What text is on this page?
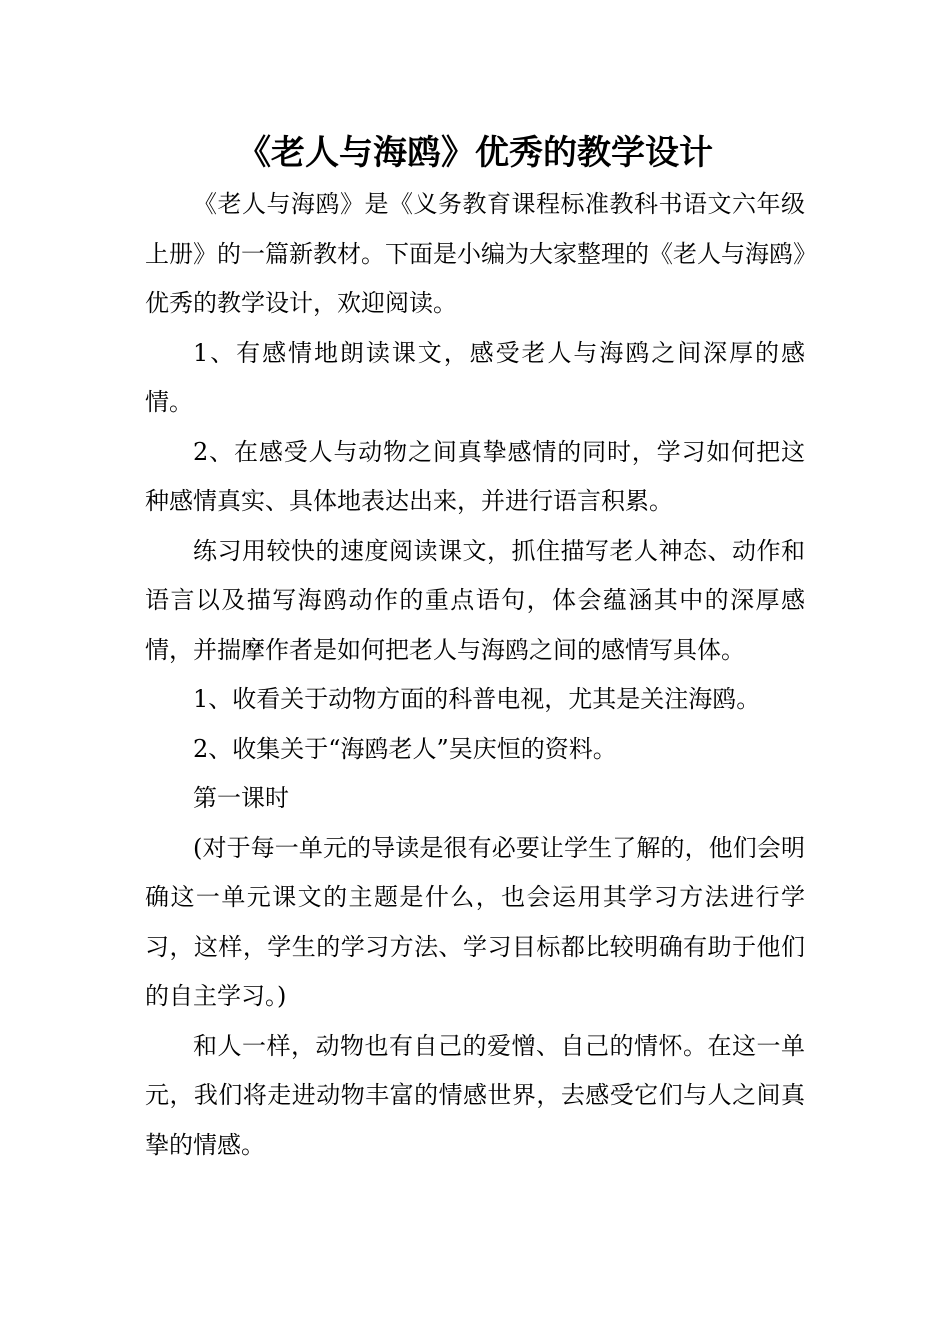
《老人与海鸥》优秀的教学设计

《老人与海鸥》是《义务教育课程标准教科书语文六年级上册》的一篇新教材。下面是小编为大家整理的《老人与海鸥》优秀的教学设计，欢迎阅读。

1、有感情地朗读课文，感受老人与海鸥之间深厚的感情。

2、在感受人与动物之间真挚感情的同时，学习如何把这种感情真实、具体地表达出来，并进行语言积累。

练习用较快的速度阅读课文，抓住描写老人神态、动作和语言以及描写海鸥动作的重点语句，体会蕴涵其中的深厚感情，并揣摩作者是如何把老人与海鸥之间的感情写具体。

1、收看关于动物方面的科普电视，尤其是关注海鸥。

2、收集关于“海鸥老人”吴庆恒的资料。

第一课时

(对于每一单元的导读是很有必要让学生了解的，他们会明确这一单元课文的主题是什么，也会运用其学习方法进行学习，这样，学生的学习方法、学习目标都比较明确有助于他们的自主学习。)

和人一样，动物也有自己的爱憎、自己的情怀。在这一单元，我们将走进动物丰富的情感世界，去感受它们与人之间真挚的情感。
